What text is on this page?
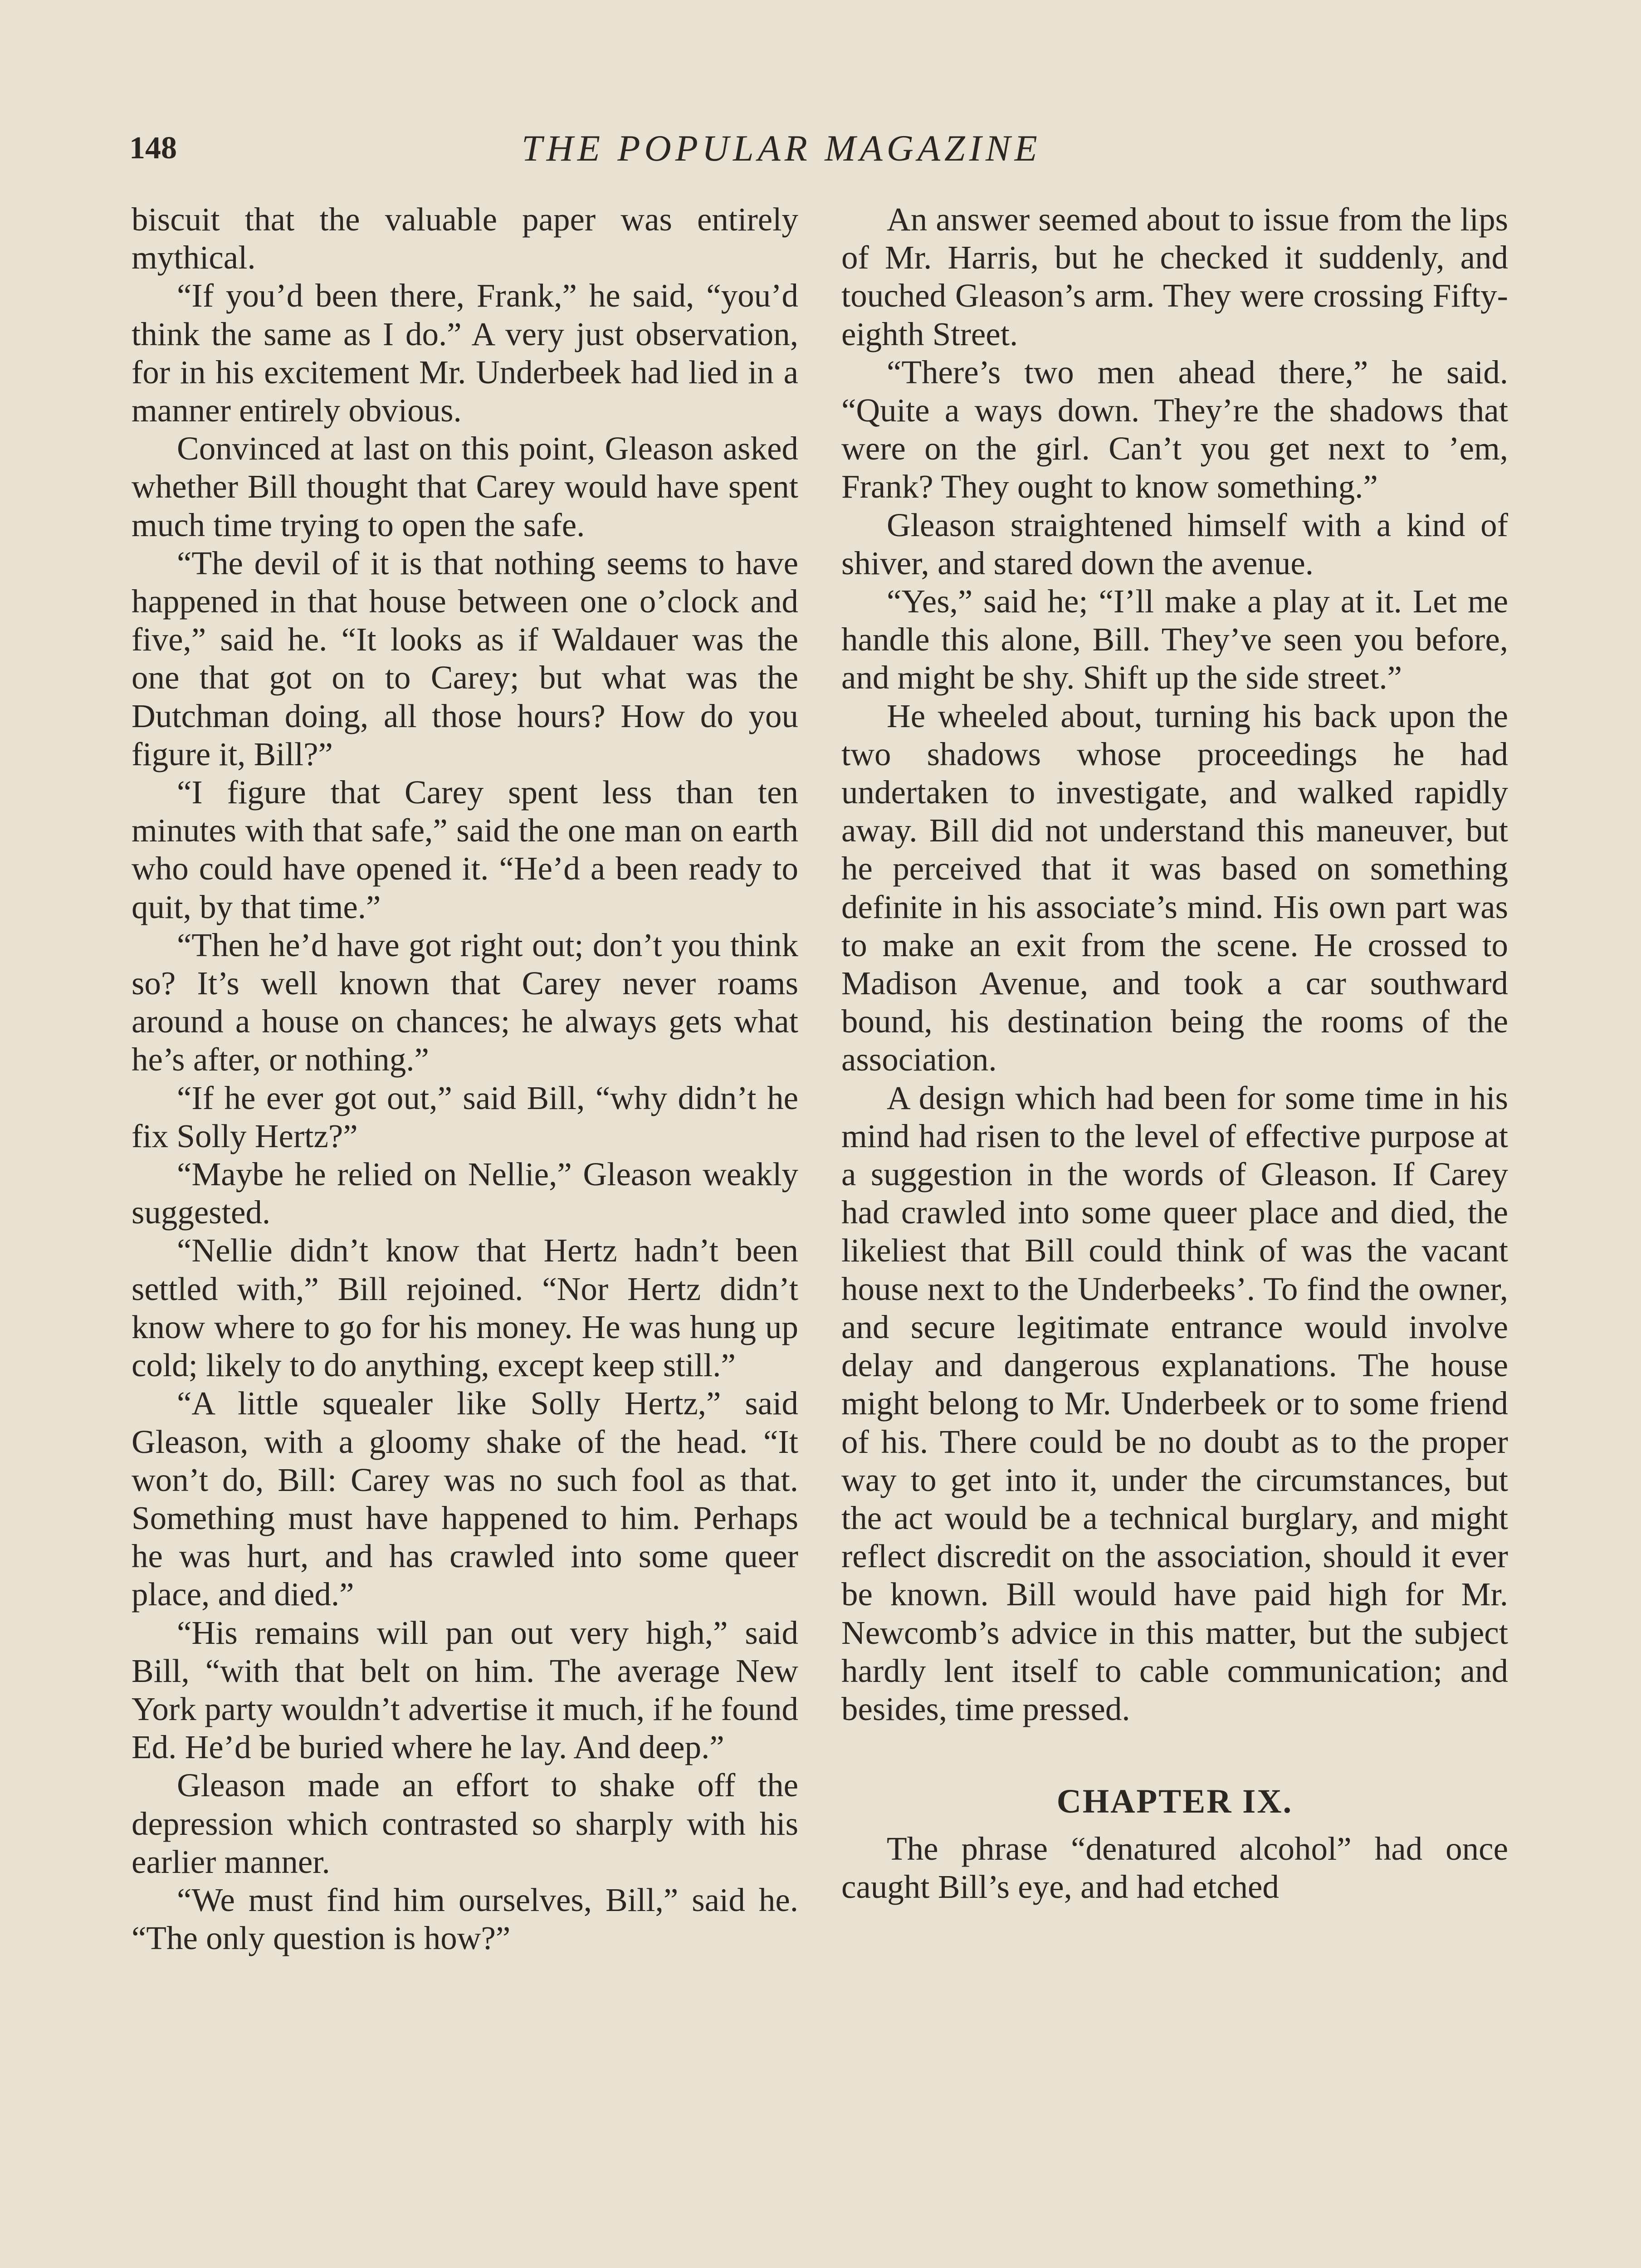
148	THE POPULAR MAGAZINE

biscuit that the valuable paper was entirely mythical.

“If you’d been there, Frank,” he said, “you’d think the same as I do.” A very just observation, for in his excitement Mr. Underbeek had lied in a manner entirely obvious.

Convinced at last on this point, Gleason asked whether Bill thought that Carey would have spent much time trying to open the safe.

“The devil of it is that nothing seems to have happened in that house between one o’clock and five,” said he. “It looks as if Waldauer was the one that got on to Carey; but what was the Dutchman doing, all those hours? How do you figure it, Bill?”

“I figure that Carey spent less than ten minutes with that safe,” said the one man on earth who could have opened it. “He’d a been ready to quit, by that time.”

“Then he’d have got right out; don’t you think so? It’s well known that Carey never roams around a house on chances; he always gets what he’s after, or nothing.”

“If he ever got out,” said Bill, “why didn’t he fix Solly Hertz?”

“Maybe he relied on Nellie,” Gleason weakly suggested.

“Nellie didn’t know that Hertz hadn’t been settled with,” Bill rejoined. “Nor Hertz didn’t know where to go for his money. He was hung up cold; likely to do anything, except keep still.”

“A little squealer like Solly Hertz,” said Gleason, with a gloomy shake of the head. “It won’t do, Bill: Carey was no such fool as that. Something must have happened to him. Perhaps he was hurt, and has crawled into some queer place, and died.”

“His remains will pan out very high,” said Bill, “with that belt on him. The average New York party wouldn’t advertise it much, if he found Ed. He’d be buried where he lay. And deep.”

Gleason made an effort to shake off the depression which contrasted so sharply with his earlier manner.

“We must find him ourselves, Bill,” said he. “The only question is how?”

An answer seemed about to issue from the lips of Mr. Harris, but he checked it suddenly, and touched Gleason’s arm. They were crossing Fifty-eighth Street.

“There’s two men ahead there,” he said. “Quite a ways down. They’re the shadows that were on the girl. Can’t you get next to ’em, Frank? They ought to know something.”

Gleason straightened himself with a kind of shiver, and stared down the avenue.

“Yes,” said he; “I’ll make a play at it. Let me handle this alone, Bill. They’ve seen you before, and might be shy. Shift up the side street.”

He wheeled about, turning his back upon the two shadows whose proceedings he had undertaken to investigate, and walked rapidly away. Bill did not understand this maneuver, but he perceived that it was based on something definite in his associate’s mind. His own part was to make an exit from the scene. He crossed to Madison Avenue, and took a car southward bound, his destination being the rooms of the association.

A design which had been for some time in his mind had risen to the level of effective purpose at a suggestion in the words of Gleason. If Carey had crawled into some queer place and died, the likeliest that Bill could think of was the vacant house next to the Underbeeks’. To find the owner, and secure legitimate entrance would involve delay and dangerous explanations. The house might belong to Mr. Underbeek or to some friend of his. There could be no doubt as to the proper way to get into it, under the circumstances, but the act would be a technical burglary, and might reflect discredit on the association, should it ever be known. Bill would have paid high for Mr. Newcomb’s advice in this matter, but the subject hardly lent itself to cable communication; and besides, time pressed.

CHAPTER IX.

The phrase “denatured alcohol” had once caught Bill’s eye, and had etched
